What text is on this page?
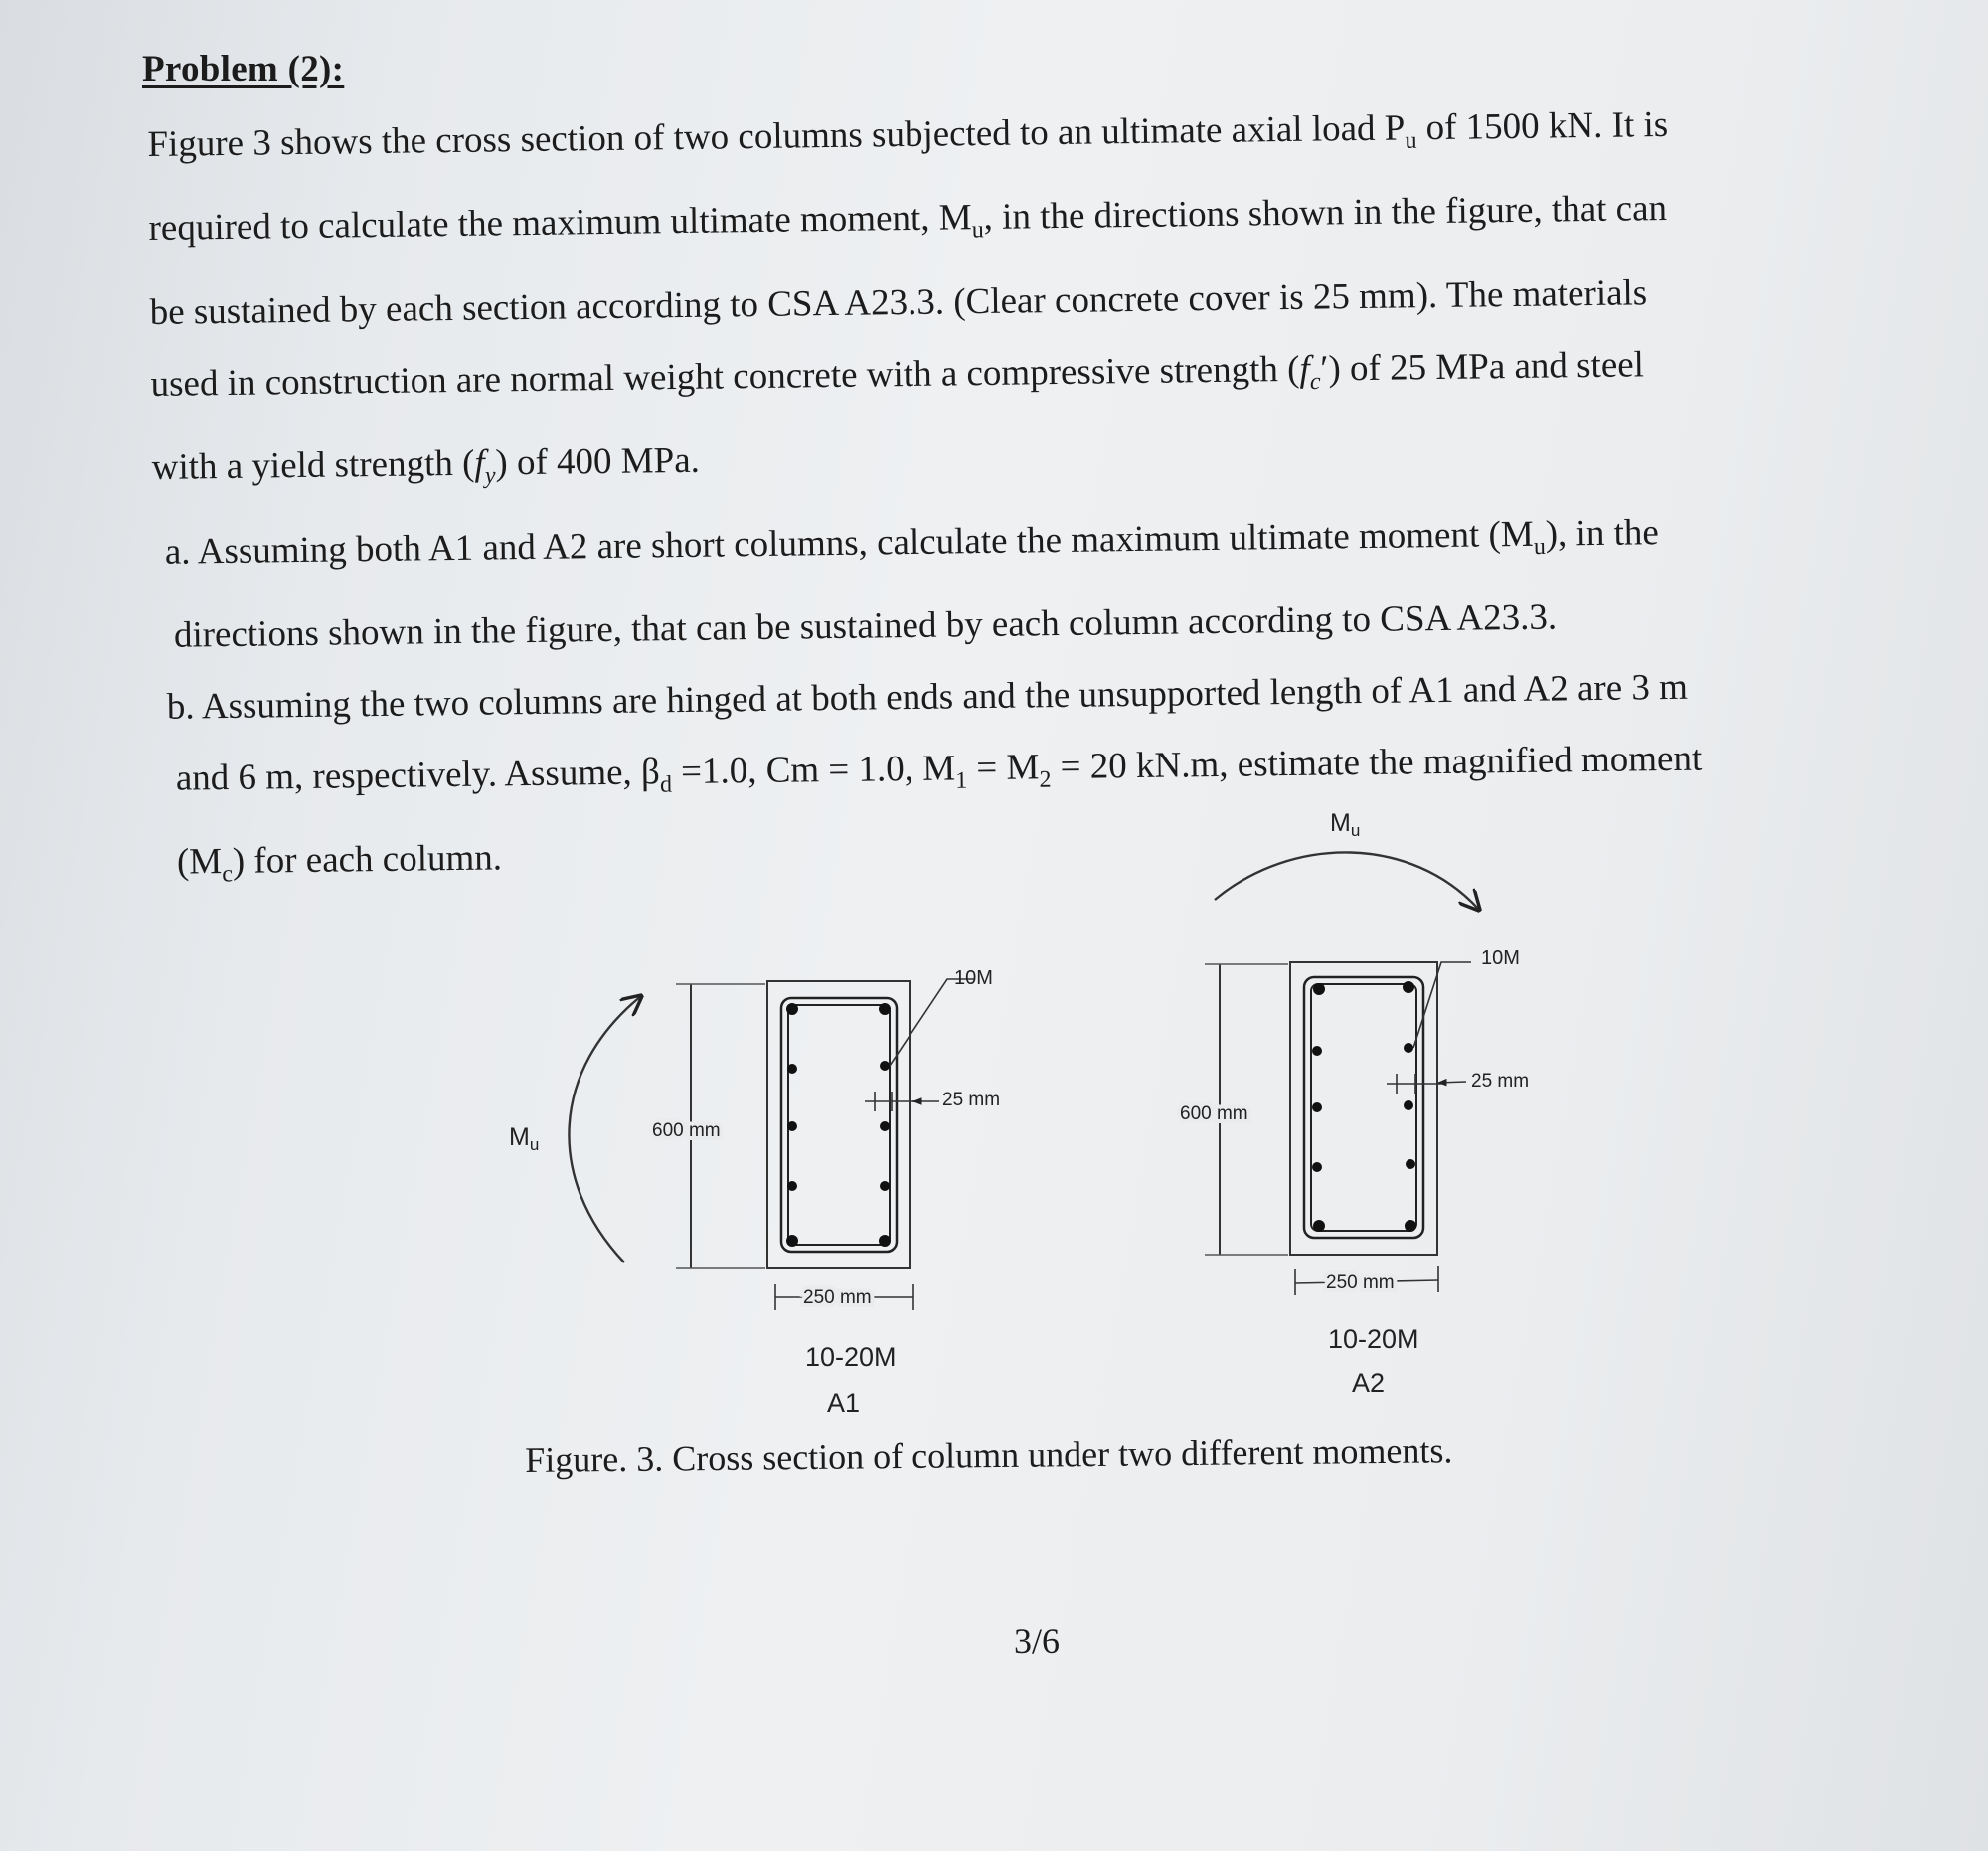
Problem (2):

Figure 3 shows the cross section of two columns subjected to an ultimate axial load $P_u$ of 1500 kN. It is

required to calculate the maximum ultimate moment, $M_u$, in the directions shown in the figure, that can

be sustained by each section according to CSA A23.3. (Clear concrete cover is 25 mm). The materials

used in construction are normal weight concrete with a compressive strength $(f_c')$ of 25 MPa and steel

with a yield strength $(f_y)$ of 400 MPa.

a. Assuming both A1 and A2 are short columns, calculate the maximum ultimate moment $(M_u)$, in the

directions shown in the figure, that can be sustained by each column according to CSA A23.3.

b. Assuming the two columns are hinged at both ends and the unsupported length of A1 and A2 are 3 m

and 6 m, respectively. Assume, $\beta_d =1.0$, Cm = 1.0, $M_1 = M_2 = 20$ kN.m, estimate the magnified moment

$(M_c)$ for each column.

$M_u$
600 mm
10M
25 mm
250 mm
10-20M
A1
$M_u$
600 mm
10M
25 mm
250 mm
10-20M
A2
Figure. 3. Cross section of column under two different moments.
3/6
